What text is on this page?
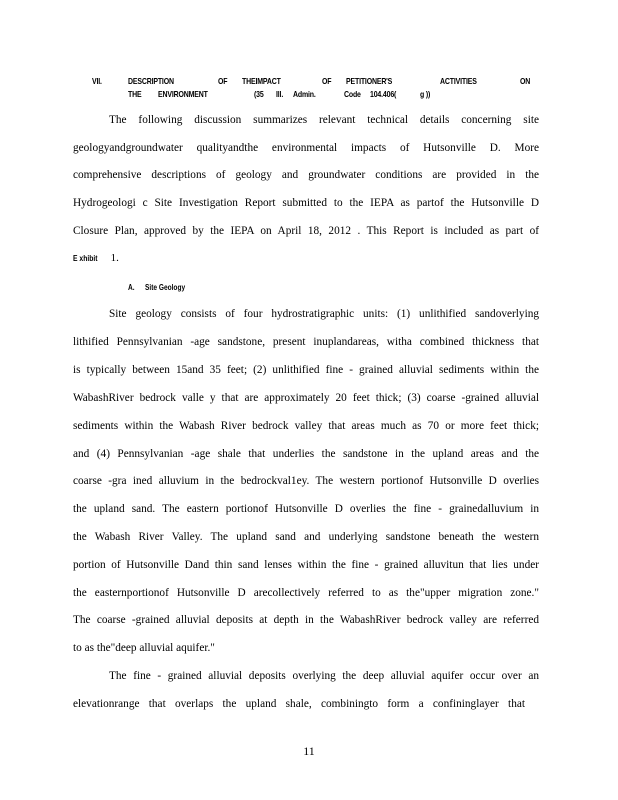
VII.	DESCRIPTION	OF THEIMPACT	OF PETITIONER'S	ACTIVITIES	ON
THE ENVIRONMENT	(35 Ill. Admin.	Code 104.406(	g ))
The following discussion summarizes relevant technical details concerning site
geologyandgroundwater qualityandthe environmental impacts of Hutsonville D. More
comprehensive descriptions of geology and groundwater conditions are provided in the
Hydrogeologi c Site Investigation Report submitted to the IEPA as partof the Hutsonville D
Closure Plan, approved by the IEPA on April 18, 2012 . This Report is included as part of
E xhibit 1.
A. Site Geology
Site geology consists of four hydrostratigraphic units: (1) unlithified sandoverlying
lithified Pennsylvanian -age sandstone, present inuplandareas, witha combined thickness that
is typically between 15and 35 feet; (2) unlithified fine - grained alluvial sediments within the
WabashRiver bedrock valle y that are approximately 20 feet thick; (3) coarse -grained alluvial
sediments within the Wabash River bedrock valley that areas much as 70 or more feet thick;
and (4) Pennsylvanian -age shale that underlies the sandstone in the upland areas and the
coarse -gra ined alluvium in the bedrockval1ey. The western portionof Hutsonville D overlies
the upland sand. The eastern portionof Hutsonville D overlies the fine - grainedalluvium in
the Wabash River Valley. The upland sand and underlying sandstone beneath the western
portion of Hutsonville Dand thin sand lenses within the fine - grained alluvitun that lies under
the easternportionof Hutsonville D arecollectively referred to as the"upper migration zone."
The coarse -grained alluvial deposits at depth in the WabashRiver bedrock valley are referred
to as the"deep alluvial aquifer."
The fine - grained alluvial deposits overlying the deep alluvial aquifer occur over an
elevationrange that overlaps the upland shale, combiningto form a confininglayer that
11
